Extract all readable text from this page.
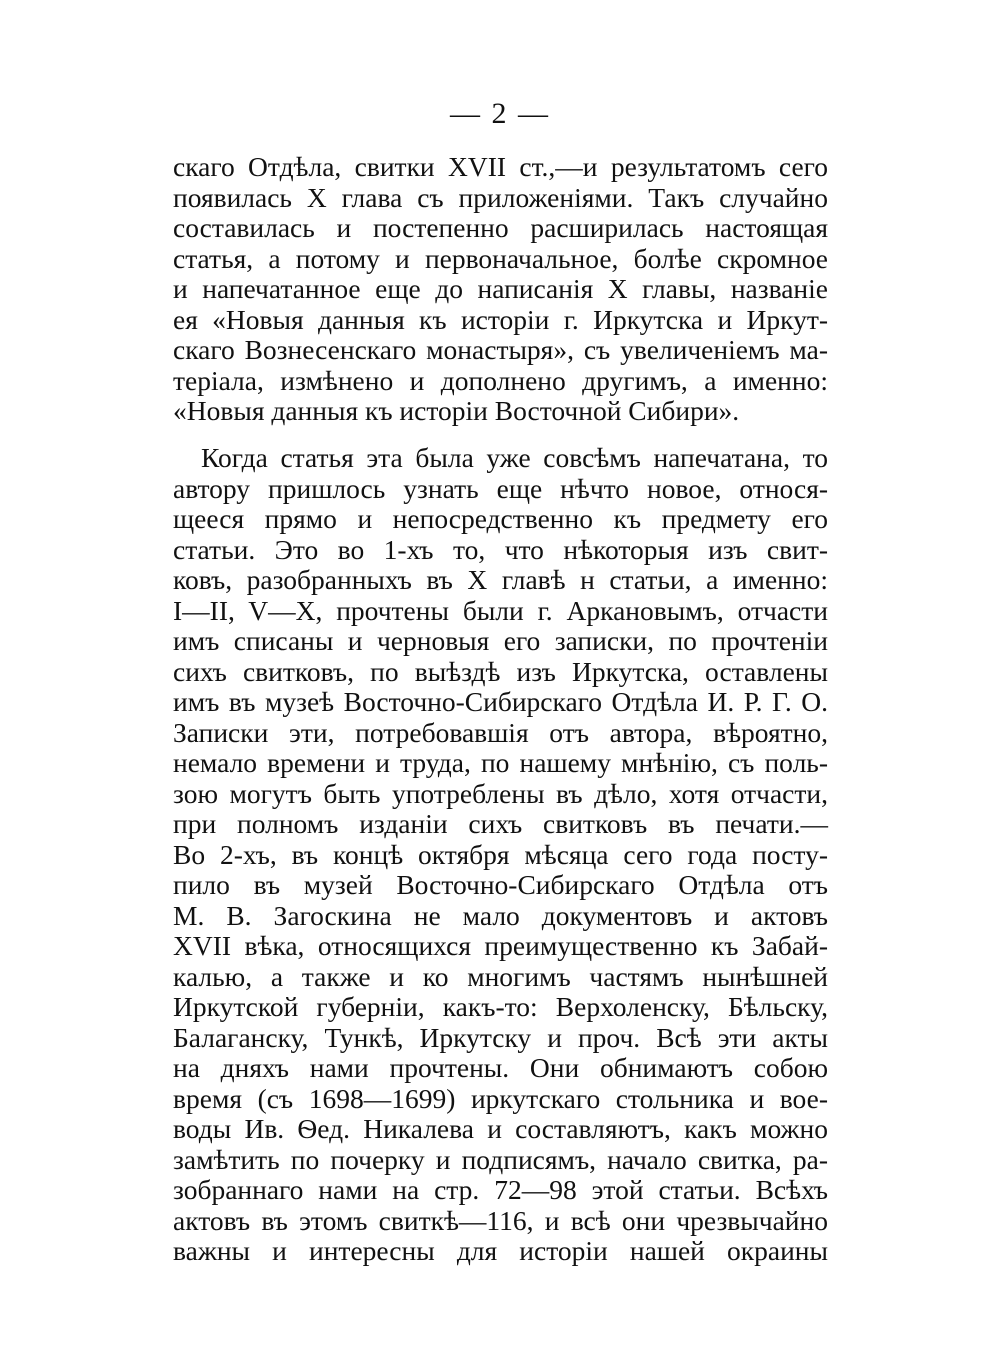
— 2 —
скаго Отдѣла, свитки XVII ст.,—и результатомъ сего
появилась Х глава съ приложеніями. Такъ случайно
составилась и постепенно расширилась настоящая
статья, а потому и первоначальное, болѣе скромное
и напечатанное еще до написанія Х главы, названіе
ея «Новыя данныя къ исторіи г. Иркутска и Иркут-
скаго Вознесенскаго монастыря», съ увеличеніемъ ма-
теріала, измѣнено и дополнено другимъ, а именно:
«Новыя данныя къ исторіи Восточной Сибири».
Когда статья эта была уже совсѣмъ напечатана, то
автору пришлось узнать еще нѣчто новое, относя-
щееся прямо и непосредственно къ предмету его
статьи. Это во 1-хъ то, что нѣкоторыя изъ свит-
ковъ, разобранныхъ въ Х главѣ н статьи, а именно:
I—II, V—X, прочтены были г. Аркановымъ, отчасти
имъ списаны и черновыя его записки, по прочтеніи
сихъ свитковъ, по выѣздѣ изъ Иркутска, оставлены
имъ въ музеѣ Восточно-Сибирскаго Отдѣла И. Р. Г. О.
Записки эти, потребовавшія отъ автора, вѣроятно,
немало времени и труда, по нашему мнѣнію, съ поль-
зою могутъ быть употреблены въ дѣло, хотя отчасти,
при полномъ изданіи сихъ свитковъ въ печати.—
Во 2-хъ, въ концѣ октября мѣсяца сего года посту-
пило въ музей Восточно-Сибирскаго Отдѣла отъ
М. В. Загоскина не мало документовъ и актовъ
XVII вѣка, относящихся преимущественно къ Забай-
калью, а также и ко многимъ частямъ нынѣшней
Иркутской губерніи, какъ-то: Верхоленску, Бѣльску,
Балаганску, Тункѣ, Иркутску и проч. Всѣ эти акты
на дняхъ нами прочтены. Они обнимаютъ собою
время (съ 1698—1699) иркутскаго стольника и вое-
воды Ив. Ѳед. Никалева и составляютъ, какъ можно
замѣтить по почерку и подписямъ, начало свитка, ра-
зобраннаго нами на стр. 72—98 этой статьи. Всѣхъ
актовъ въ этомъ свиткѣ—116, и всѣ они чрезвычайно
важны и интересны для исторіи нашей окраины
